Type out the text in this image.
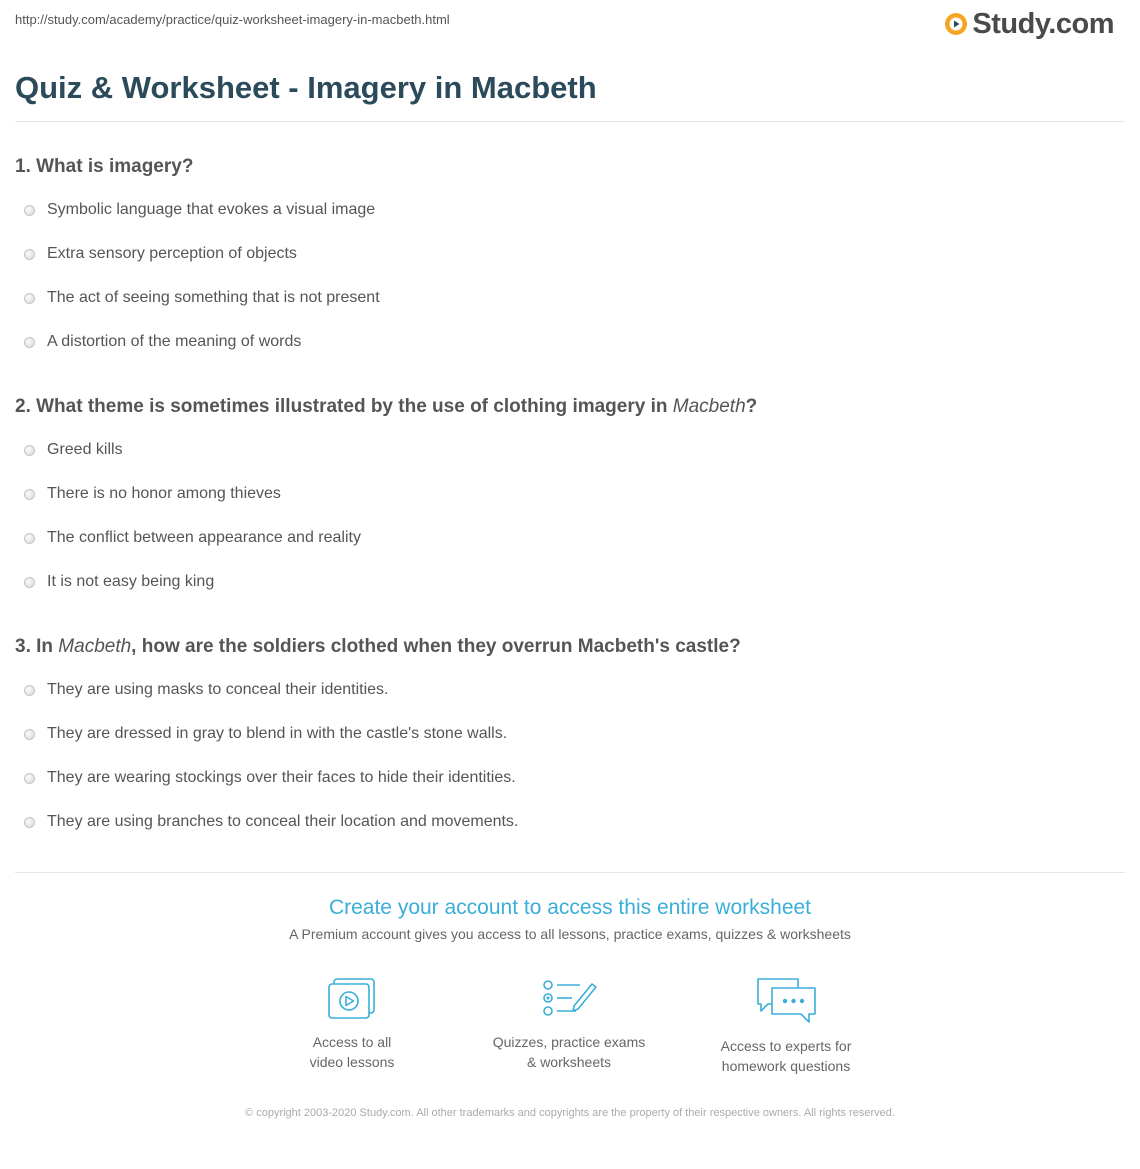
http://study.com/academy/practice/quiz-worksheet-imagery-in-macbeth.html	Study.com
Quiz & Worksheet - Imagery in Macbeth
1. What is imagery?
Symbolic language that evokes a visual image
Extra sensory perception of objects
The act of seeing something that is not present
A distortion of the meaning of words
2. What theme is sometimes illustrated by the use of clothing imagery in Macbeth?
Greed kills
There is no honor among thieves
The conflict between appearance and reality
It is not easy being king
3. In Macbeth, how are the soldiers clothed when they overrun Macbeth's castle?
They are using masks to conceal their identities.
They are dressed in gray to blend in with the castle's stone walls.
They are wearing stockings over their faces to hide their identities.
They are using branches to conceal their location and movements.
Create your account to access this entire worksheet
A Premium account gives you access to all lessons, practice exams, quizzes & worksheets
Access to all
video lessons
Quizzes, practice exams
& worksheets
Access to experts for
homework questions
© copyright 2003-2020 Study.com. All other trademarks and copyrights are the property of their respective owners. All rights reserved.
